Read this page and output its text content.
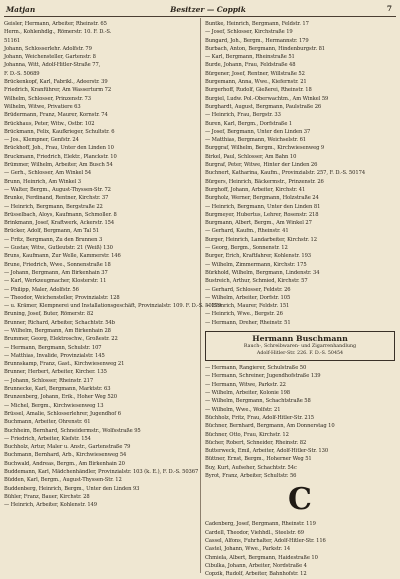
Matjan	Besitzer — Coppik	7
Geisler, Hermann, Arbeiter, Rheinstr. 65
Herm., Kohlenhdlg., Römerstr. 10. F. D.-S.
51161
Johann, Schlosserlehr. Adolfstr. 79
Johann, Weichensteller, Gartenstr. 8
Johanna, Witt, Adolf-Hitler-Straße 77,
F. D.-S. 50689
Brückenkopf, Karl, Fabrikl., Adeerstr. 39
Friedrich, Kranführer, Am Wasserturm 72
Wilhelm, Schlosser, Prinzenstr. 73
Wilhelm, Witwe, Privatiere 63
Brüdermann, Franz, Maurer, Kornstr. 74
Brückhaus, Peter, Witw., Ostbr. 102
Brückmann, Felix, Kaufkrieger, Schultstr. 6
— Jos., Klempner, Genfstr. 24
Brückhoff, Joh., Frau, Unter den Linden 10
Bruckmann, Friedrich, Elektr., Planckstr. 10
Brümmer, Wilhelm, Arbeiter, Am Busch 54
— Gerh., Schlosser, Am Winkel 54
Brunn, Heinrich, Am Winkel 3
— Walter, Bergm., August-Thyssen-Str. 72
Brunke, Ferdinand, Rentner, Kirchstr. 37
— Heinrich, Bergmann, Bergstraße 22
Brüsselbach, Aloys, Kaufmann, Schmoller. 8
Brinkmann, Josef, Kraftwerk, Ackerstr. 154
Brücker, Adolf, Bergmann, Am Tal 51
— Fritz, Bergmann, Zu den Brunnen 3
— Gustav, Witw., Gutleutstr. 21 (Weiß) 130
Bruns, Kaufmann, Zur Welle, Kammerstr. 146
Brune, Friedrich, Wwe., Sonnenstraße 18
— Johann, Bergmann, Am Birkenhain 37
— Karl, Werkzeugmacher, Klosterstr. 11
— Philipp, Maler, Adolfstr. 56
— Theodor, Weichensteller, Provinzialstr. 128
— u. Krämer, Klempnerei und Installationsgeschäft, Provinzialstr. 109. F. D.-S. 50279
Bruning, Josef, Buter, Römerstr. 82
Brunner, Richard, Arbeiter, Schachtstr. 54b
— Wilhelm, Bergmann, Am Birkenhain 28
Brummer, Georg, Elektroschw., Großestr. 22
— Hermann, Bergmann, Schulstr. 107
— Matthias, Invalide, Provinzialstr. 145
Brunnskamp, Franz, Gast., Kirchwiesenweg 21
Brunner, Herbert, Arbeiter, Kircher. 135
— Johann, Schlosser, Rheinstr. 217
Brunnecke, Karl, Bergmann, Marktstr. 63
Brunzenberg, Johann, Erik., Hoher Weg 520
— Michel, Bergm., Kirchwiesenweg 13
Brüssel, Amalie, Schlosserlehrer, Jugendhof 6
Buchmann, Arbeiter, Ohrenstr. 61
Buchheim, Bernhard, Schneidermstr., Wolfsstraße 95
— Friedrich, Arbeiter, Kiefstr. 154
Buchholz, Artur, Maler u. Anstr., Gartenstraße 79
Buchmann, Bernhard, Arb., Kirchwiesenweg 54
Buchwald, Andreas, Bergm., Am Birkenhain 20
Buddemann, Karl, Mädchenhändler, Provinzialstr. 103 (k. E.), F. D.-S. 50367
Büdden, Karl, Bergm., August-Thyssen-Str. 12
Buddenberg, Heinrich, Bergm., Unter den Linden 93
Bühler, Franz, Bauer, Kirchstr. 28
— Heinrich, Arbeiter, Kohlenstr. 149
Buntke, Heinrich, Bergmann, Feldstr. 17
— Josef, Schlosser, Kirchstraße 19
Bungard, Joh., Bergm., Hermannstr. 179
Burbach, Anton, Bergmann, Hindenburgstr. 81
— Karl, Bergmann, Rheinstraße 51
Burde, Johann, Frau, Feldstraße 48
Bürgener, Josef, Rentner, Willstraße 52
Burgemann, Anna, Wwe., Kiefernstr. 21
Burgerhoff, Rudolf, Gießerei, Rheinstr. 18
Burgiel, Ludw. Pol.-Oberwachtm., Am Winkel 59
Burghardt, August, Bergmann, Paulstraße 26
— Heinrich, Frau, Bergstr. 33
Buren, Karl, Bergm., Dorfstraße 1
— Josef, Bergmann, Unter den Linden 37
— Matthias, Bergmann, Weichselstr. 61
Burggraf, Wilhelm, Bergm., Kirchwiesenweg 9
Birkel, Paul, Schlosser, Am Bahn 10
Burgraf, Peter, Witwe, Hinter der Linden 26
Buchnert, Katharina, Kaufm., Provinzialstr. 257, F. D.-S. 50174
Bürgers, Heinrich, Bäckermstr., Prinzenstr. 26
Burghoff, Johann, Arbeiter, Kirchstr. 41
Burgholz, Werner, Bergmann, Holzstraße 24
— Heinrich, Bergmann, Unter den Linden 81
Burgmeyer, Hubertus, Lehrer, Rosenstr. 218
Burgmann, Albert, Bergm., Am Winkel 27
— Gerhard, Kaufm., Rheinstr. 41
Burger, Heinrich, Landarbeiter, Kirchstr. 12
— Georg, Bergm., Sonnenstr. 12
Burger, Erich, Kraftfahrer, Kohlenstr. 193
— Wilhelm, Zimmermann, Kirchstr. 175
Bürkhold, Wilhelm, Bergmann, Lindenstr. 34
Bustreich, Arthur, Schmied, Kirchstr. 57
— Gerhard, Schlosser, Feldstr. 26
— Wilhelm, Arbeiter, Dorfstr. 105
— Heinrich, Maurer, Feldstr. 151
— Heinrich, Wwe., Bergstr. 26
— Hermann, Dreher, Rheinstr. 51
Hermann Buschmann
Rauch-, Schreibwaren- und Zigarrenhandlung
Adolf-Hitler-Str. 226. F. D.-S. 50454
— Hermann, Rangierer, Schulstraße 50
— Hermann, Schreiner, Jugendhofstraße 139
— Hermann, Witwe, Parkstr. 22
— Wilhelm, Arbeiter, Kolonie 198
— Wilhelm, Bergmann, Schachtstraße 58
— Wilhelm, Wwe., Wolfstr. 21
Büchholz, Fritz, Frau, Adolf-Hitler-Str. 215
Büchner, Bernhard, Bergmann, Am Donnerstag 10
Büchner, Otto, Frau, Kirchstr. 12
Bücher, Robert, Schneider, Rheinstr. 82
Butterweck, Emil, Arbeiter, Adolf-Hitler-Str. 130
Büttner, Ernst, Bergm., Hoherner Weg 51
Buy, Kurt, Aufseher, Schachtstr. 54c
Byrot, Franz, Arbeiter, Schultstr. 56
C
Cadenberg, Josef, Bergmann, Rheinstr. 119
Cardell, Theodor, Viehhdl., Steelstr. 69
Cassel, Alfons, Fuhrhalter, Adolf-Hitler-Str. 116
Castel, Johann, Wwe., Parkstr. 14
Chmiela, Albert, Bergmann, Haidestraße 10
Cibulka, Johann, Arbeiter, Nordstraße 4
Copzik, Rudolf, Arbeiter, Bahnhofstr. 12
